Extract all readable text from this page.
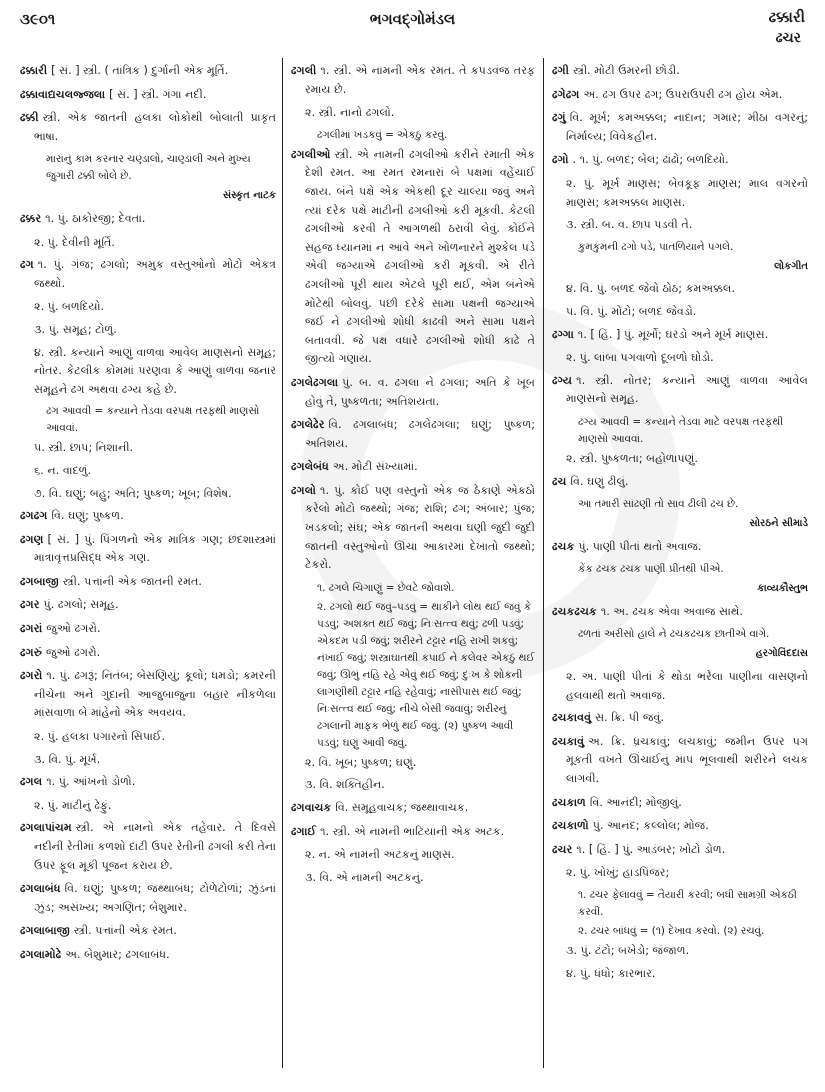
૩૯૦૧	ભગવદ્ગોમંડલ	ઢક્કારી
ઢચર
ઢક્કારી [ સં. ] સ્ત્રી. ( તાંત્રિક ) દુર્ગાની એક મૂર્તિ.
ઢક્કાવાદ્યચલજ્જલા [ સં. ] સ્ત્રી. ગંગા નદી.
ઢક્કી સ્ત્રી. એક જાતની હલકા લોકોથી બોલાતી પ્રાકૃત ભાષા.
મારાનું કામ કરનાર ચણ્ડાલો, ચાણ્ડાલી અને મુખ્ય જુગારી ઢક્કી બોલે છે.
સંસ્કૃત નાટક
ઢક્કર ૧. પું. ઠાકોરજી; દેવતા.
૨. પું. દેવીની મૂર્તિ.
ઢગ ૧. પું. ગંજ; ઢગલો; અમુક વસ્તુઓનો મોટો એકત્ર જથ્થો.
૨. પું. બળદિયો.
૩. પું. સમૂહ; ટોળું.
૪. સ્ત્રી. કન્યાને આણું વાળવા આવેલ માણસનો સમૂહ; નોતર. કેટલીક કોમમાં પરણવા કે આણું વાળવા જનાર સમૂહને ઢગ અથવા ઢગ્ય કહે છે.
ઢગ આવવી = કન્યાને તેડવા વરપક્ષ તરફથી માણસો આવવાં.
૫. સ્ત્રી. છાપ; નિશાની.
૬. ન. વાદળું.
૭. વિ. ઘણું; બહુ; અતિ; પુષ્કળ; ખૂબ; વિશેષ.
ઢગઢગ વિ. ઘણું; પુષ્કળ.
ઢગણ [ સં. ] પું. પિંગળનો એક માત્રિક ગણ; છંદશાસ્ત્રમાં માત્રાવૃત્તપ્રસિદ્ધ એક ગણ.
ઢગબાજી સ્ત્રી. પત્તાંની એક જાતની રમત.
ઢગર પું. ઢગલો; સમૂહ.
ઢગરાં જુઓ ઢગરો.
ઢગરું જુઓ ઢગરો.
ઢગરો ૧. પું. ઢગરૂં; નિતંબ; બેસણિયું; કૂલો; ધમડો; કમરની નીચેના અને ગુદાની આજુબાજુના બહાર નીકળેલા માંસવાળા બે માંહેનો એક અવયવ.
૨. પું. હલકા પગારનો સિપાઈ.
૩. વિ. પું. મૂર્ખ.
ઢગલ ૧. પું. આંખનો ડોળો.
૨. પું. માટીનું ઢેફું.
ઢગલાપાંચમ સ્ત્રી. એ નામનો એક તહેવાર. તે દિવસે નદીની રેતીમાં કળશો દાટી ઉપર રેતીની ઢગલી કરી તેના ઉપર ફૂલ મૂકી પૂજન કરાય છે.
ઢગલાબંધ વિ. ઘણું; પુષ્કળ; જથ્થાબંધ; ટોળેટોળાં; ઝુંડનાં ઝુંડ; અસંખ્ય; અગણિત; બેશુમાર.
ઢગલાબાજી સ્ત્રી. પત્તાંની એક રમત.
ઢગલામોઢે અ. બેશુમાર; ઢગલાબંધ.
ઢગલી ૧. સ્ત્રી. એ નામની એક રમત. તે કપડવંજ તરફ રમાય છે.
૨. સ્ત્રી. નાનો ઢગલો.
ઢગલીમાં ખડકવું = એકઠું કરવું.
ઢગલીઓ સ્ત્રી. એ નામની ઢગલીઓ કરીને રમાતી એક દેશી રમત. આ રમત રમનારાં બે પક્ષમાં વહેંચાઈ જાય. બંને પક્ષે એક એકથી દૂર ચાલ્યા જવું અને ત્યાં દરેક પક્ષે માટીની ઢગલીઓ કરી મૂકવી. કેટલી ઢગલીઓ કરવી તે આગળથી ઠરાવી લેવું. કોઈને સહજ ધ્યાનમાં ન આવે અને ખોળનારને મુશ્કેલ પડે એવી જગ્યાએ ઢગલીઓ કરી મૂકવી. એ રીતે ઢગલીઓ પૂરી થાય એટલે પૂરી થઈ, એમ બંનેએ મોટેથી બોલવું. પછી દરેકે સામા પક્ષની જગ્યાએ જઈ ને ઢગલીઓ શોધી કાઢવી અને સામા પક્ષને બતાવવી. જે પક્ષ વધારે ઢગલીઓ શોધી કાઢે તે જીત્યો ગણાય.
ઢગલેઢગલા પું. બ. વ. ઢગલા ને ઢગલા; અતિ કે ખૂબ હોવું તે, પુષ્કળતા; અતિશયતા.
ઢગલેઢેર વિ. ઢગલાબંધ; ઢગલેઢગલા; ઘણું; પુષ્કળ; અતિશય.
ઢગલેબંધ અ. મોટી સંખ્યામાં.
ઢગલો ૧. પું. કોઈ પણ વસ્તુનો એક જ ઠેકાણે એકઠો કરેલો મોટો જથ્થો; ગંજ; રાશિ; ઢગ; અંબાર; પુંજ; ખડકલો; સંઘ; એક જાતની અથવા ઘણી જુદી જુદી જાતની વસ્તુઓનો ઊંચા આકારમાં દેખાતો જથ્થો; ટેકરો.
૧. ઢગલે ચિગાણું = છેવટે જોવાશે.
૨. ઢગલો થઈ જવું–પડવું = થાકીને લોથ થઈ જવું કે પડવું; અશક્ત થઈ જવું; નિઃસત્ત્વ થવું; ઢળી પડવું; એકદમ પડી જવું; શરીરને ટટ્ટાર નહિ રાખી શકવું; નંખાઈ જવું; શસ્ત્રાઘાતથી કપાઈ ને કલેવર એકઠું થઈ જવું; ઊભું નહિ રહે એવું થઈ જવું; દુઃખ કે શોકની લાગણીથી ટટ્ટાર નહિ રહેવાવું; નાસીપાસ થઈ જવું; નિઃસત્ત્વ થઈ જવું; નીચે બેસી જવાવું; શરીરનું ઢગલાની માફક ભેળું થઈ જવું. (૨) પુષ્કળ આવી પડવું; ઘણું આવી જવું.
૨. વિ. ખૂબ; પુષ્કળ; ઘણું.
૩. વિ. શક્તિહીન.
ઢગવાચક વિ. સમૂહવાચક; જથ્થાવાચક.
ઢગાઈ ૧. સ્ત્રી. એ નામની ભાટિયાની એક અટક.
૨. ન. એ નામની અટકનું માણસ.
૩. વિ. એ નામની અટકનું.
ઢગી સ્ત્રી. મોટી ઉમરની છોડી.
ઢગેઢગ અ. ઢગ ઉપર ઢગ; ઉપરાઉપરી ઢગ હોય એમ.
ઢગું વિ. મૂર્ખ; કમઅક્કલ; નાદાન; ગમાર; મીઠા વગરનું; નિર્માલ્ય; વિવેકહીન.
ઢગો . ૧. પું. બળદ; બેલ; ઢાંઢો; બળદિયો.
૨. પું. મૂર્ખ માણસ; બેવકૂફ માણસ; માલ વગરનો માણસ; કમઅક્કલ માણસ.
૩. સ્ત્રી. બ. વ. છાપ પડવી તે.
કુમકુમની ઢગો પડે, પાતળિયાને પગલે.
લોકગીત
૪. વિ. પું. બળદ જેવો ઠોઠ; કમઅક્કલ.
૫. વિ. પું. મોટો; બળદ જેવડો.
ઢગ્ગા ૧. [ હિં. ] પું. મૂર્ખો; ઘરડો અને મૂર્ખ માણસ.
૨. પું. લાંબા પગવાળો દૂબળો ઘોડો.
ઢગ્ય ૧. સ્ત્રી. નોતર; કન્યાને આણું વાળવા આવેલ માણસનો સમૂહ.
ઢગ્ય આવવી = કન્યાને તેડવા માટે વરપક્ષ તરફથી માણસો આવવાં.
૨. સ્ત્રી. પુષ્કળતા; બહોળાપણું.
ઢચ વિ. ઘણું ઢીલું.
આ તમારી સાંઢણી તો સાવ ઢીલી ઢચ છે.
સોરઠને સીમાડે
ઢચક પું. પાણી પીતાં થતો અવાજ.
કેંક ઢચક ઢચક પાણી પ્રીતથી પીએ.
કાવ્યકૌસ્તુભ
ઢચકઢચક ૧. અ. ઢચક એવા અવાજ સાથે.
ઢળતાં અરીસો હાલે ને ઢચકઢચક છાતીએ વાગે.
હરગોવિંદદાસ
૨. અ. પાણી પીતાં કે થોડા ભરેલા પાણીના વાસણનો હલવાથી થતો અવાજ.
ઢચકાવવું સ. ક્રિ. પી જવું.
ઢચકાવું અ. ક્રિ. ધ્રચકાવું; લચકાવું; જમીન ઉપર પગ મૂકતી વખતે ઊંચાઈનું માપ ભૂલવાથી શરીરને લચક લાગવી.
ઢચકાળ વિ. આનંદી; મોજીલું.
ઢચકાળો પું. આનંદ; કલ્લોલ; મોજ.
ઢચર ૧. [ હિં. ] પું. આડંબર; ખોટો ડોળ.
૨. પું. ખોખું; હાડપિંજર;
૧. ઢચર ફેલાવવું = તૈયારી કરવી; બધી સામગ્રી એકઠી કરવી.
૨. ઢચર બાંધવું = (૧) દેખાવ કરવો. (૨) રચવું.
૩. પું. ટંટો; બખેડો; જંજાળ.
૪. પું. ધંધો; કારભાર.
